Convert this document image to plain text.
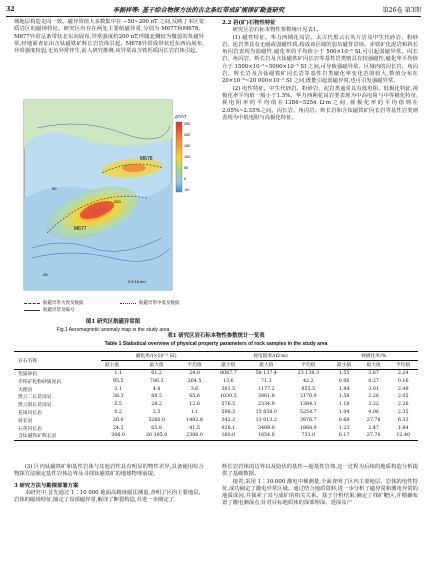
32	李振祥等: 基于综合物探方法的吉北条红带成矿规律矿勘查研究	第26卷 第3期

城地层构造走向一致。磁异常值大多数集中在 −50~200 nT 之间,反映了本区变质岩区的磁场特征。研究区内存在两处主要航磁异常,分别为 M677和M678。M677异常呈条带状北东向展布,异常强度约200 nT,伴随北侧较为微弱的负磁异常,经地面查证由含钛磁铁矿辉长岩岩体引起。M678异常成带状近东西向展布,异常强度较弱,无负异常伴生,前人研究推测,该异常由含铁钙质闪长岩岩体引起。

M677
M678
-50
50
200
0 5 10 km
ΔT/nT
250
200
150
100
50
0
-50
航磁异常大致及数据	航磁异常中低及数据
航磁异常及编号
图1 研究区航磁异常图
Fig.1 Aeromagnetic anomaly map in the study area

2.2 岩(矿)石物性特征

研究区岩石标本物性参数统计见表1。

(1) 磁性特征。华力西期花岗岩、太古代黑云石英片岩及中生代砂岩、粉砂岩、泥岩类具有无磁或弱磁性质,构成该区域的弱负磁背景场。赤铁矿化泥岩和斜长角闪岩表现为弱磁性,磁化率的平均值小于 500×10⁻⁵ SI,可引起弱磁异常。闪长岩、角闪岩、辉长岩及含钛磁铁矿闪长岩等基性岩类则具有较强磁性,磁化率平均值介于 1500×10⁻⁵~5000×10⁻⁵ SI 之间,可导致强磁异常。区域内的闪长岩、角闪岩、辉长岩及含钛磁铁矿闪长岩等基性岩类磁化率变化范围较大,数值分布在 20×10⁻⁵~20 000×10⁻⁵ SI 之间,既能引起弱磁异常,也可引发强磁异常。

(2) 电性特征。中生代砂岩、粉砂岩、泥岩类通常具有低电阻、低极化特征,视极化率平均值一般小于1.5%。华力西期花岗岩类表现为中高电阻与中等极化特征,视电阻率的平均值在1384~5254 Ω·m之间,视极化率的平均值则在2.05%~2.35%之间。闪长岩、角闪岩、辉长岩和含钛磁铁矿闪长岩等基性岩类则表现为中低电阻与高极化特征。

表1 研究区岩石标本物性参数统计一览表
Table 1 Statistical overview of physical property parameters of rock samples in the study area
岩石名称	磁化率/(×10⁻⁵ SI)			视电阻率/(Ω·m)			视极化率/%		
	最小值	最大值	平均值	最小值	最大值	平均值	最小值	最大值	平均值
变质砂岩	1.1	61.2	24.0	8087.7	58 137.4	23 138.3	1.55	3.67	2.24
赤铁矿化粉砂质泥岩	95.5	786.3	264.5	13.6	71.3	42.2	0.06	0.27	0.16
大理岩	3.1	4.8	3.6	301.5	1177.2	855.5	1.84	3.01	2.49
黑云二长花岗岩	38.3	88.5	65.6	1030.5	3861.8	2170.9	1.58	2.26	2.05
黑云斜长花岗岩	5.5	28.2	12.6	576.5	2334.9	1384.1	1.18	3.22	2.26
花岗闪长岩	0.2	2.5	1.1	598.3	15 838.0	5254.7	1.04	4.06	2.35
斜长岩	20.6	5260.0	1492.8	342.2	13 013.2	3976.7	0.68	27.78	6.33
石英闪长岩	24.2	65.8	41.5	928.1	3489.0	1868.9	1.23	2.47	1.84
含钛磁铁矿辉长岩	306.0	20 195.0	2306.0	160.0	1854.0	731.0	6.17	27.76	12.40

(3) 区内钛磁铁矿和基性岩体与其他岩性具有明显的物性差异,具备使用综合物探方法圈定基性岩体边界及寻找钛磁铁矿的地球物理前提。

3 研究方法与勘探部署方案

本研究中,首先通过 1∶10 000 地面高精度磁法测量,查明了区内主要地层、岩体的磁场特征,圈定了局部磁异常,解译了断裂构造,并进一步圈定了

辉长岩岩体的边界以及隐伏的基性—超基性岩体,这一过程为后续的地质构造分析提供了基础数据。

接着,采用 1∶10 000 激电中梯测量,全面查明了区内主要地层、岩体的电性特征,成功圈定了激电异常区域。通过结合地质资料,进一步分析了磁异常和激电异常的地质成因,并探索了其与成矿的相关关系。基于分析结果,确定了找矿靶区,并精确布置了激电测深点,针对目标地质体的深部埋深、延深及产
